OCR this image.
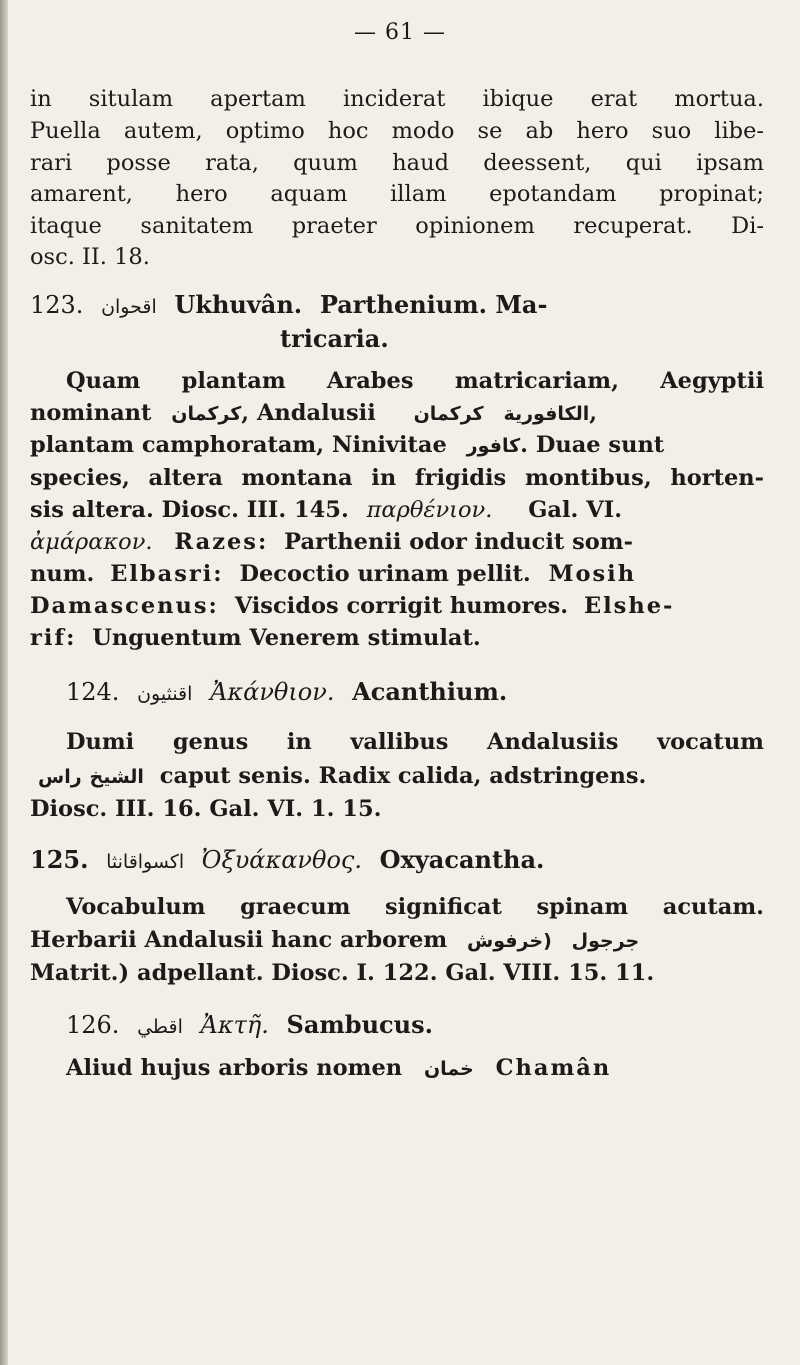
— 61 —
in situlam apertam inciderat ibique erat mortua.
Puella autem, optimo hoc modo se ab hero suo libe-
rari posse rata, quum haud deessent, qui ipsam
amarent, hero aquam illam epotandam propinat;
itaque sanitatem praeter opinionem recuperat. Di-
osc. II. 18.
123. اقحوان Ukhuvân. Parthenium. Ma-
tricaria.
Quam plantam Arabes matricariam, Aegyptii
nominant كركمان, Andalusii	الكافورية كركمان	,
plantam camphoratam, Ninivitae كافور. Duae sunt
species, altera montana in frigidis montibus, horten-
sis altera. Diosc. III. 145. παρθένιον. Gal. VI.
ἀμάρακον. Razes: Parthenii odor inducit som-
num. Elbasri: Decoctio urinam pellit. Mosih
Damascenus: Viscidos corrigit humores. Elshe-
rif: Unguentum Venerem stimulat.
124. اقنثيون Ἀκάνθιον. Acanthium.
Dumi genus in vallibus Andalusiis vocatum
الشيخ راس	caput senis. Radix calida, adstringens.
Diosc. III. 16. Gal. VI. 1. 15.
125. اكسواقانثا Ὀξυάκανθος. Oxyacantha.
Vocabulum graecum significat spinam acutam.
Herbarii Andalusii hanc arborem	جرجول (خرفوش
Matrit.) adpellant. Diosc. I. 122. Gal. VIII. 15. 11.
126. اقطي Ἀκτῆ. Sambucus.
Aliud hujus arboris nomen خمان Chamân
